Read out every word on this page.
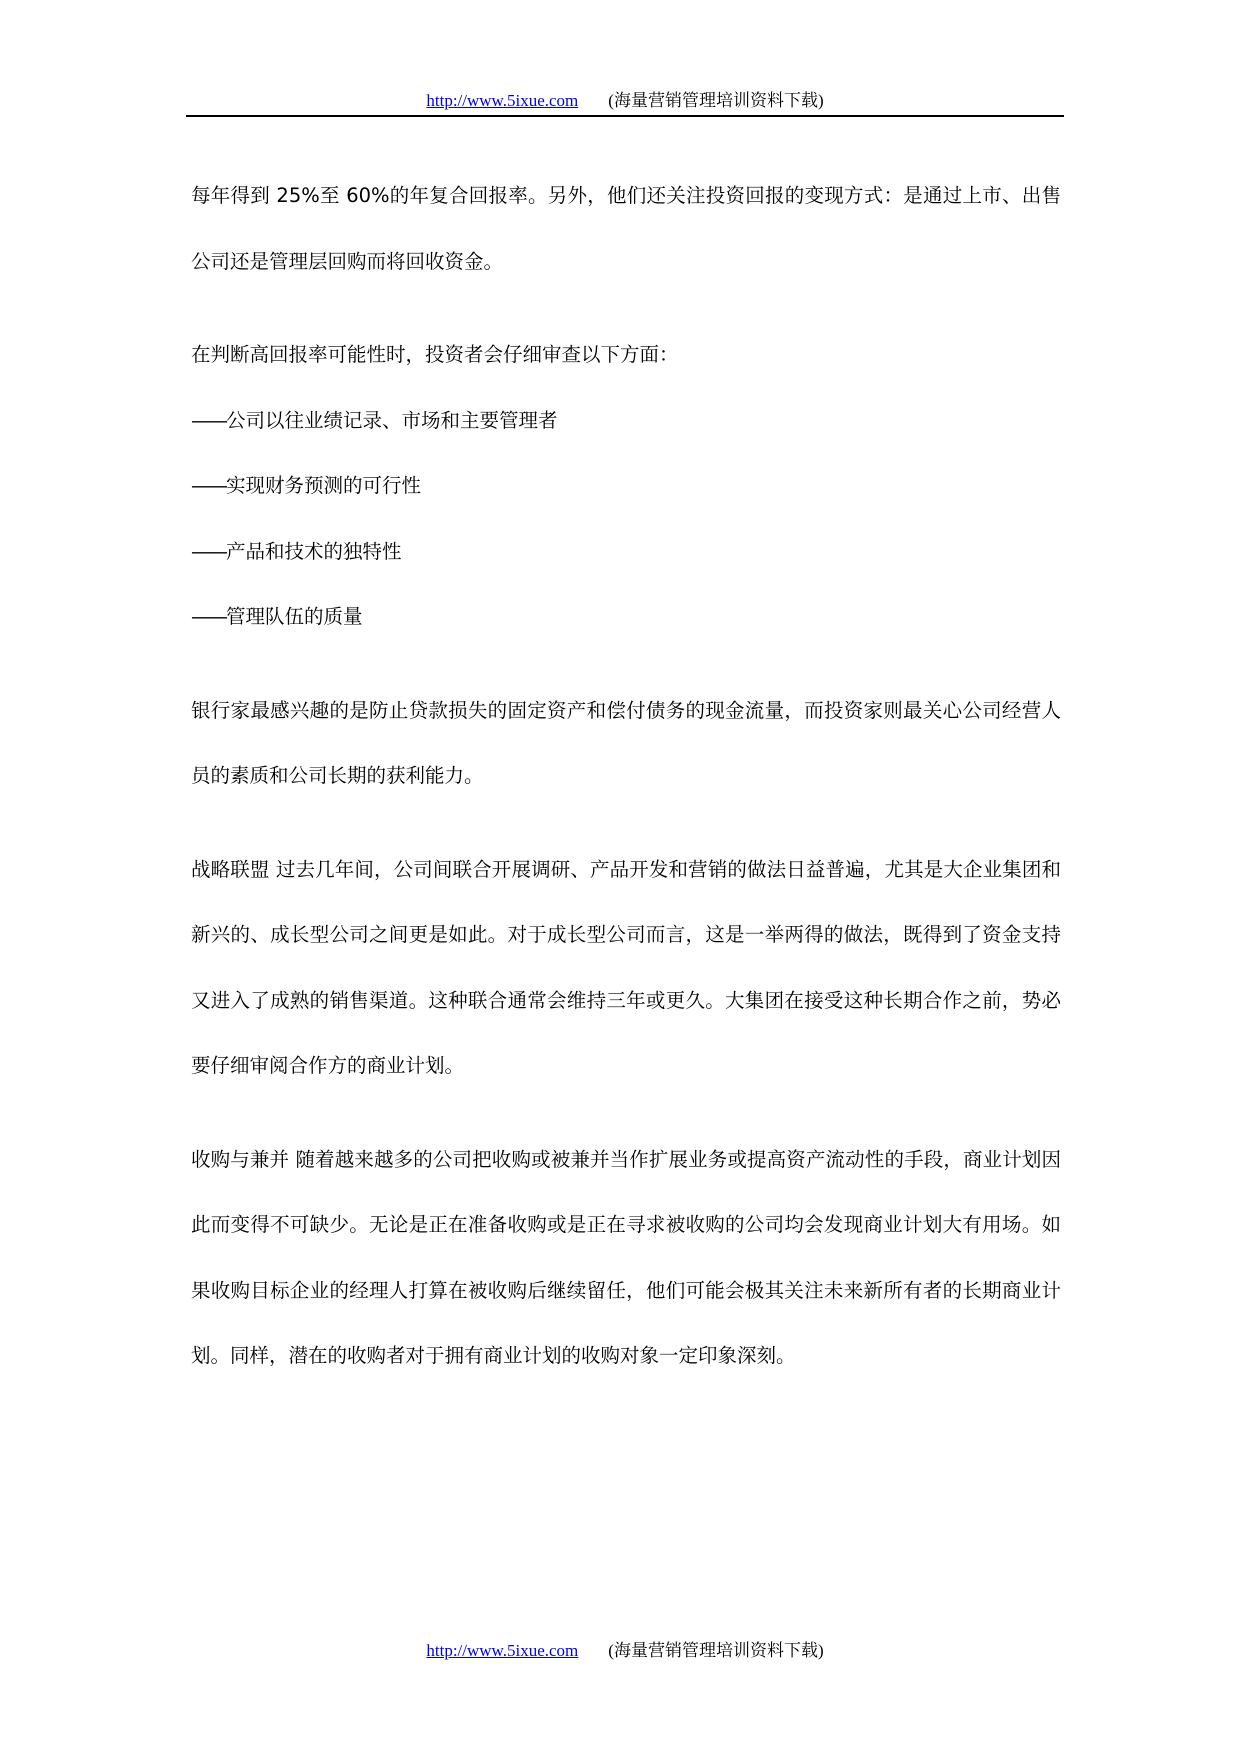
http://www.5ixue.com (海量营销管理培训资料下载)

每年得到 25%至 60%的年复合回报率。另外，他们还关注投资回报的变现方式：是通过上市、出售公司还是管理层回购而将回收资金。

在判断高回报率可能性时，投资者会仔细审查以下方面：

——公司以往业绩记录、市场和主要管理者

——实现财务预测的可行性

——产品和技术的独特性

——管理队伍的质量

银行家最感兴趣的是防止贷款损失的固定资产和偿付债务的现金流量，而投资家则最关心公司经营人员的素质和公司长期的获利能力。

战略联盟 过去几年间，公司间联合开展调研、产品开发和营销的做法日益普遍，尤其是大企业集团和新兴的、成长型公司之间更是如此。对于成长型公司而言，这是一举两得的做法，既得到了资金支持又进入了成熟的销售渠道。这种联合通常会维持三年或更久。大集团在接受这种长期合作之前，势必要仔细审阅合作方的商业计划。

收购与兼并 随着越来越多的公司把收购或被兼并当作扩展业务或提高资产流动性的手段，商业计划因此而变得不可缺少。无论是正在准备收购或是正在寻求被收购的公司均会发现商业计划大有用场。如果收购目标企业的经理人打算在被收购后继续留任，他们可能会极其关注未来新所有者的长期商业计划。同样，潜在的收购者对于拥有商业计划的收购对象一定印象深刻。

http://www.5ixue.com (海量营销管理培训资料下载)
